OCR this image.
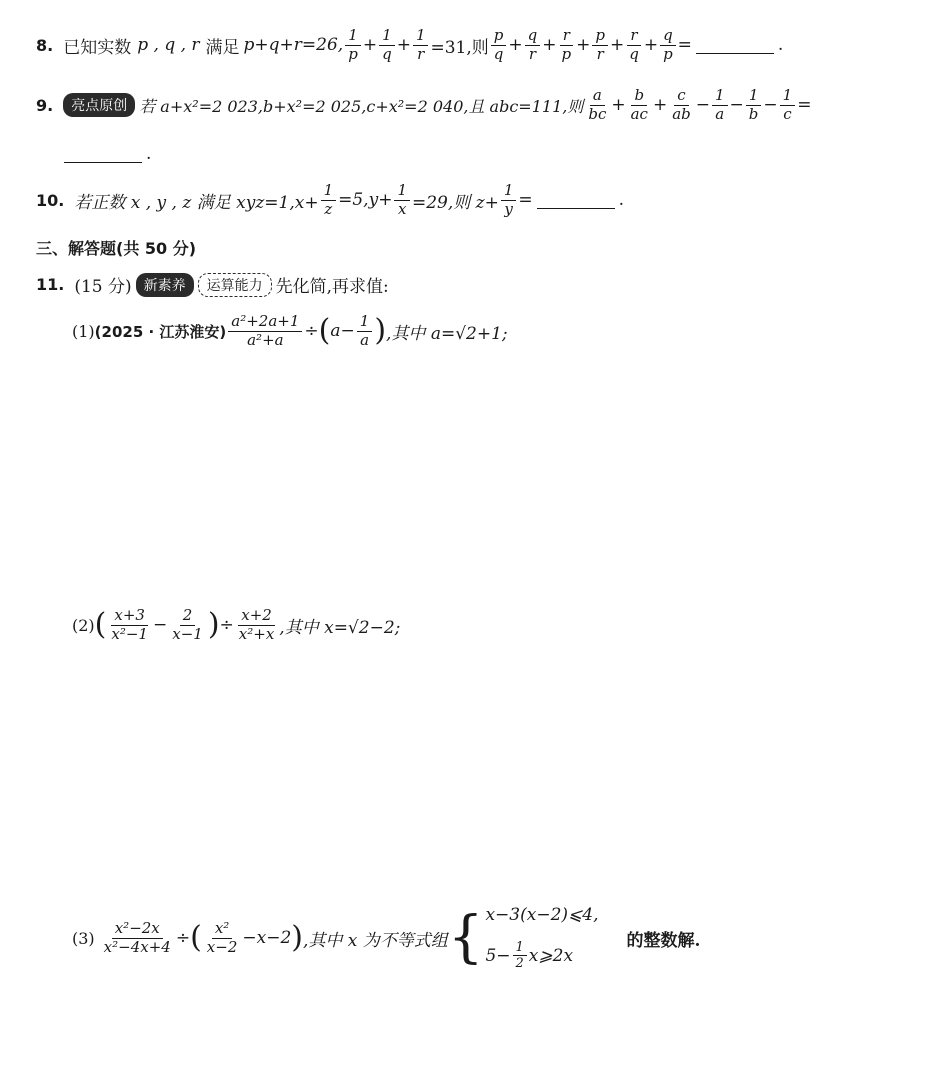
8. 已知实数 p , q , r 满足 p+q+r=26, $\frac{1}{p} + \frac{1}{q} + \frac{1}{r} =31$,则 $\frac{p}{q} + \frac{q}{r} + \frac{r}{p} + \frac{p}{r} + \frac{r}{q} + \frac{q}{p}$ =	.
9.	亮点原创 若 a+x²=2 023,b+x²=2 025,c+x²=2 040,且 abc=111,则 $\frac{a}{bc} + \frac{b}{ac} + \frac{c}{ab} - \frac{1}{a} - \frac{1}{b} - \frac{1}{c}$ =
.
10. 若正数 x , y , z 满足 $xyz=1,x+ \frac{1}{z} =5,y+ \frac{1}{x} =29$,则 $z+ \frac{1}{y}$ =	.
三、解答题(共 50 分)
11. (15 分) 新素养	运算能力 先化简,再求值:
(1) (2025 · 江苏淮安) $\frac{\text{a²+2a+1}}{\text{a²+a}}$ ÷ ( $a- \frac{1}{a}$ ) ,其中 a=√2+1;
(2) ( $\frac{x+3}{\text{x²−1}} - \frac{2}{x-1}$ ) ÷ $\frac{x+2}{\text{x²+x}}$ ,其中 x=√2−2;
$(3) \frac{\text{x²−2x}}{\text{x²−4x+4}}$ ÷ ( $\frac{\text{x²}}{x-2} -x-2$ ) ,其中 x 为不等式组 { x−3(x−2)⩽4,
$5- \frac{1}{2}$ x⩾2x
的整数解.
